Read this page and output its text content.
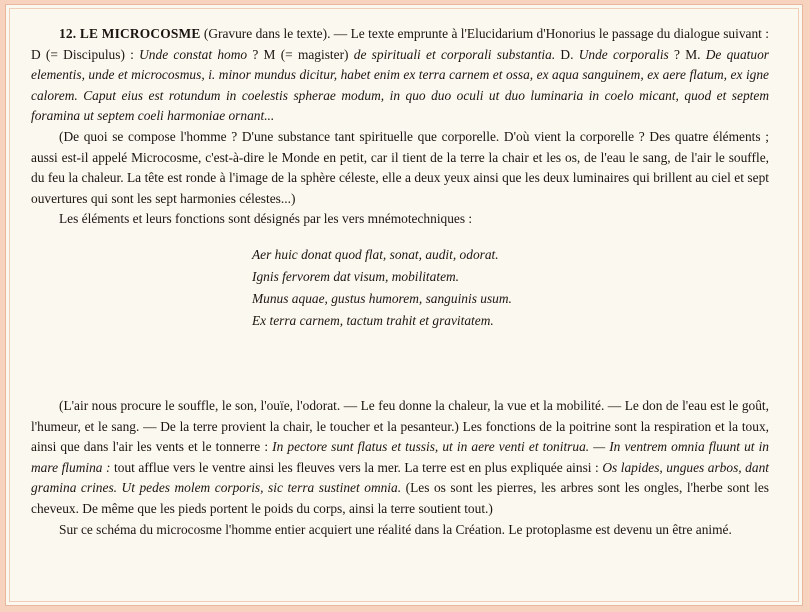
12. LE MICROCOSME (Gravure dans le texte). — Le texte emprunte à l'Elucidarium d'Honorius le passage du dialogue suivant : D (= Discipulus) : Unde constat homo ? M (= magister) de spirituali et corporali substantia. D. Unde corporalis ? M. De quatuor elementis, unde et microcosmus, i. minor mundus dicitur, habet enim ex terra carnem et ossa, ex aqua sanguinem, ex aere flatum, ex igne calorem. Caput eius est rotundum in coelestis spherae modum, in quo duo oculi ut duo luminaria in coelo micant, quod et septem foramina ut septem coeli harmoniae ornant...

(De quoi se compose l'homme ? D'une substance tant spirituelle que corporelle. D'où vient la corporelle ? Des quatre éléments ; aussi est-il appelé Microcosme, c'est-à-dire le Monde en petit, car il tient de la terre la chair et les os, de l'eau le sang, de l'air le souffle, du feu la chaleur. La tête est ronde à l'image de la sphère céleste, elle a deux yeux ainsi que les deux luminaires qui brillent au ciel et sept ouvertures qui sont les sept harmonies célestes...)

Les éléments et leurs fonctions sont désignés par les vers mnémotechniques :

Aer huic donat quod flat, sonat, audit, odorat.
Ignis fervorem dat visum, mobilitatem.
Munus aquae, gustus humorem, sanguinis usum.
Ex terra carnem, tactum trahit et gravitatem.

(L'air nous procure le souffle, le son, l'ouïe, l'odorat. — Le feu donne la chaleur, la vue et la mobilité. — Le don de l'eau est le goût, l'humeur, et le sang. — De la terre provient la chair, le toucher et la pesanteur.) Les fonctions de la poitrine sont la respiration et la toux, ainsi que dans l'air les vents et le tonnerre : In pectore sunt flatus et tussis, ut in aere venti et tonitrua. — In ventrem omnia fluunt ut in mare flumina : tout afflue vers le ventre ainsi les fleuves vers la mer. La terre est en plus expliquée ainsi : Os lapides, ungues arbos, dant gramina crines. Ut pedes molem corporis, sic terra sustinet omnia. (Les os sont les pierres, les arbres sont les ongles, l'herbe sont les cheveux. De même que les pieds portent le poids du corps, ainsi la terre soutient tout.)

Sur ce schéma du microcosme l'homme entier acquiert une réalité dans la Création. Le protoplasme est devenu un être animé.
